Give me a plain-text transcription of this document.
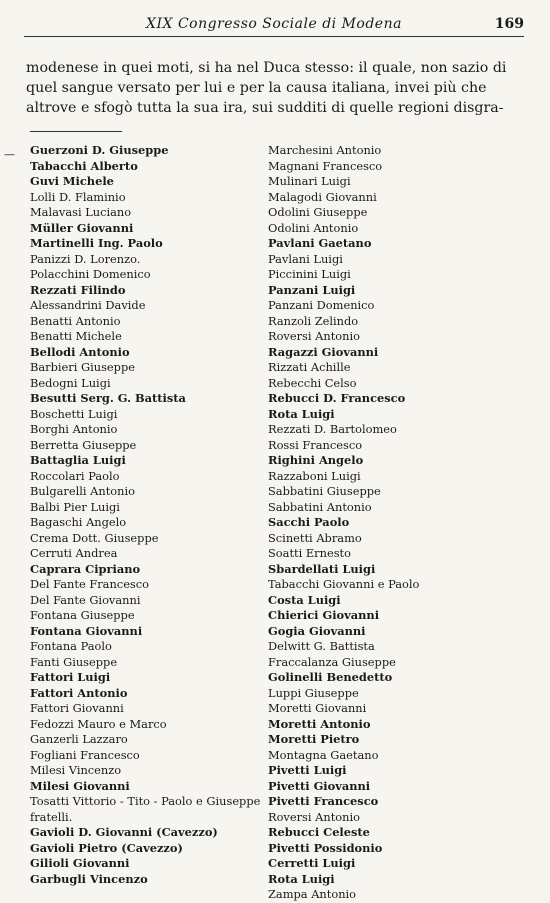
XIX Congresso Sociale di Modena	169
modenese in quei moti, si ha nel Duca stesso: il quale, non sazio di
quel sangue versato per lui e per la causa italiana, invei più che
altrove e sfogò tutta la sua ira, sui sudditi di quelle regioni disgra-
— Guerzoni D. Giuseppe
Tabacchi Alberto
Guvi Michele
Lolli D. Flaminio
Malavasi Luciano
Müller Giovanni
Martinelli Ing. Paolo
Panizzi D. Lorenzo.
Polacchini Domenico
Rezzati Filindo
Alessandrini Davide
Benatti Antonio
Benatti Michele
Bellodi Antonio
Barbieri Giuseppe
Bedogni Luigi
Besutti Serg. G. Battista
Boschetti Luigi
Borghi Antonio
Berretta Giuseppe
Battaglia Luigi
Roccolari Paolo
Bulgarelli Antonio
Balbi Pier Luigi
Bagaschi Angelo
Crema Dott. Giuseppe
Cerruti Andrea
Caprara Cipriano
Del Fante Francesco
Del Fante Giovanni
Fontana Giuseppe
Fontana Giovanni
Fontana Paolo
Fanti Giuseppe
Fattori Luigi
Fattori Antonio
Fattori Giovanni
Fedozzi Mauro e Marco
Ganzerli Lazzaro
Fogliani Francesco
Milesi Vincenzo
Milesi Giovanni
Tosatti Vittorio - Tito - Paolo e Giuseppe fratelli.
Gavioli D. Giovanni (Cavezzo)
Gavioli Pietro (Cavezzo)
Gilioli Giovanni
Garbugli Vincenzo
Marchesini Antonio
Magnani Francesco
Mulinari Luigi
Malagodi Giovanni
Odolini Giuseppe
Odolini Antonio
Pavlani Gaetano
Pavlani Luigi
Piccinini Luigi
Panzani Luigi
Panzani Domenico
Ranzoli Zelindo
Roversi Antonio
Ragazzi Giovanni
Rizzati Achille
Rebecchi Celso
Rebucci D. Francesco
Rota Luigi
Rezzati D. Bartolomeo
Rossi Francesco
Righini Angelo
Razzaboni Luigi
Sabbatini Giuseppe
Sabbatini Antonio
Sacchi Paolo
Scinetti Abramo
Soatti Ernesto
Sbardellati Luigi
Tabacchi Giovanni e Paolo
Costa Luigi
Chierici Giovanni
Gogia Giovanni
Delwitt G. Battista
Fraccalanza Giuseppe
Golinelli Benedetto
Luppi Giuseppe
Moretti Giovanni
Moretti Antonio
Moretti Pietro
Montagna Gaetano
Pivetti Luigi
Pivetti Giovanni
Pivetti Francesco
Roversi Antonio
Rebucci Celeste
Pivetti Possidonio
Cerretti Luigi
Rota Luigi
Zampa Antonio
